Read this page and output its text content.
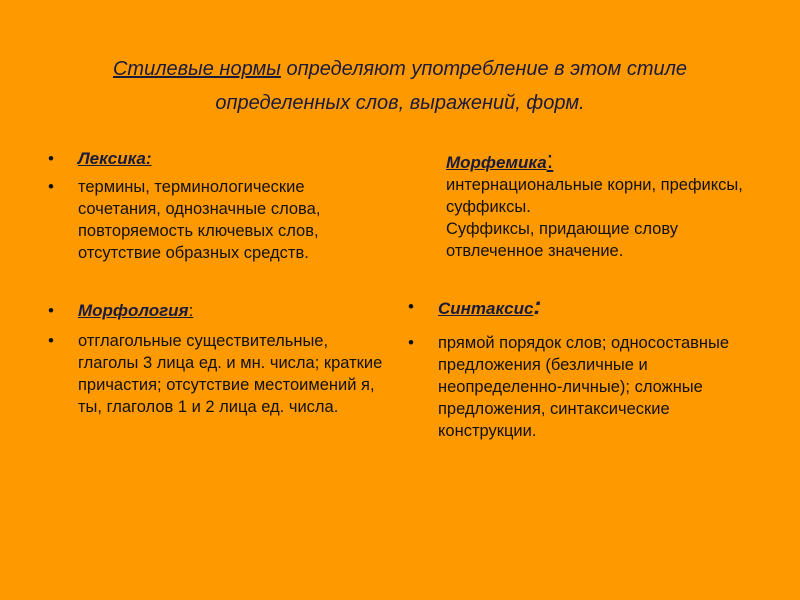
Стилевые нормы определяют употребление в этом стиле
определенных слов, выражений, форм.
• Лексика:
• термины, терминологические сочетания, однозначные слова, повторяемость ключевых слов, отсутствие образных средств.
Морфемика:
интернациональные корни, префиксы, суффиксы.
Суффиксы, придающие слову отвлеченное значение.
• Морфология:
• отглагольные существительные, глаголы 3 лица ед. и мн. числа; краткие причастия; отсутствие местоимений я, ты, глаголов 1 и 2 лица ед. числа.
• Синтаксис:
• прямой порядок слов; односоставные предложения (безличные и неопределенно-личные); сложные предложения, синтаксические конструкции.
